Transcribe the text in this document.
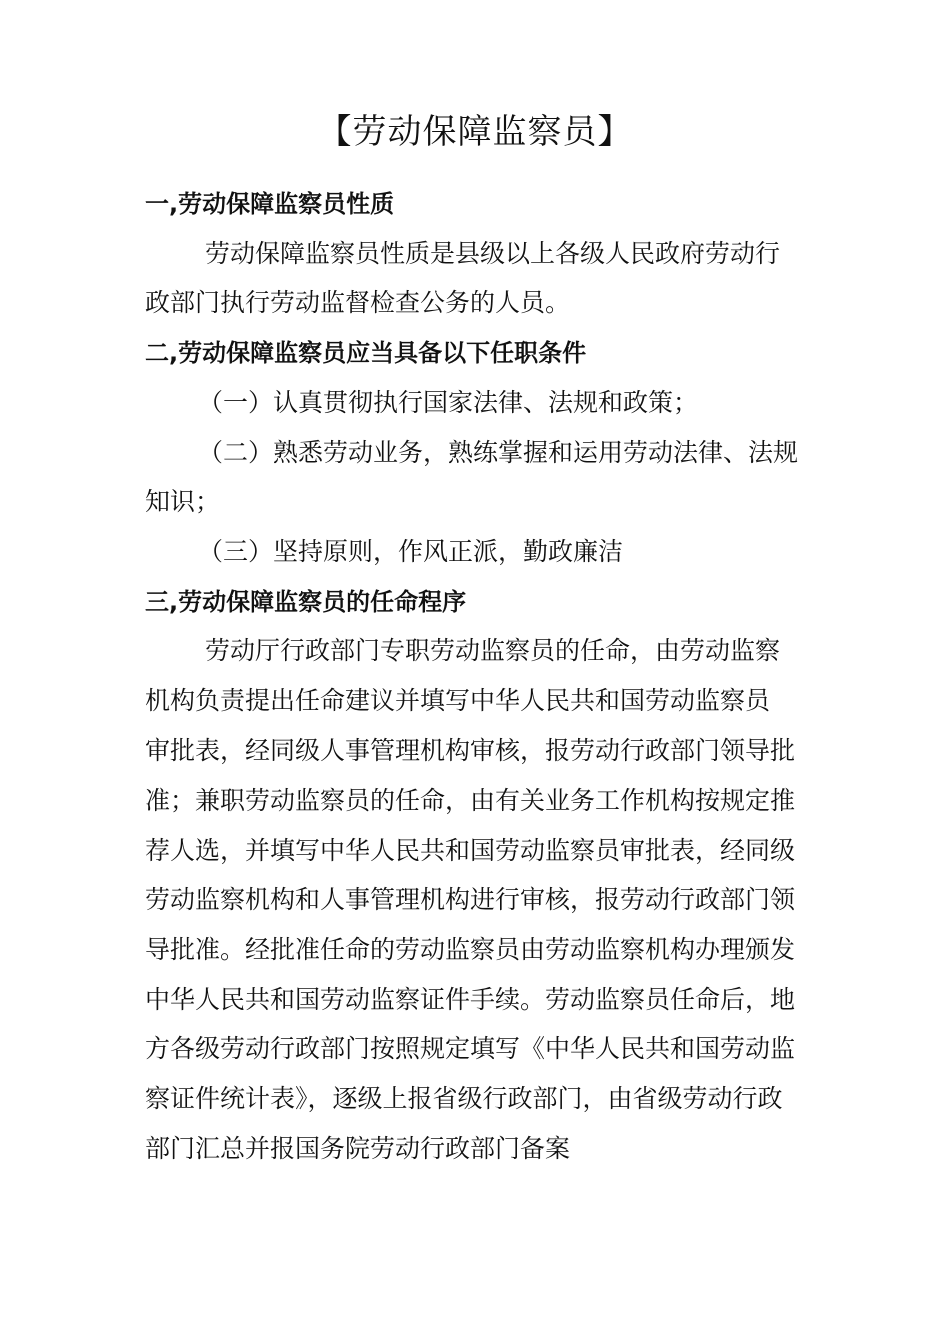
【劳动保障监察员】
一,劳动保障监察员性质
劳动保障监察员性质是县级以上各级人民政府劳动行
政部门执行劳动监督检查公务的人员。
二,劳动保障监察员应当具备以下任职条件
（一）认真贯彻执行国家法律、法规和政策；
（二）熟悉劳动业务，熟练掌握和运用劳动法律、法规
知识；
（三）坚持原则，作风正派，勤政廉洁
三,劳动保障监察员的任命程序
劳动厅行政部门专职劳动监察员的任命，由劳动监察
机构负责提出任命建议并填写中华人民共和国劳动监察员
审批表，经同级人事管理机构审核，报劳动行政部门领导批
准；兼职劳动监察员的任命，由有关业务工作机构按规定推
荐人选，并填写中华人民共和国劳动监察员审批表，经同级
劳动监察机构和人事管理机构进行审核，报劳动行政部门领
导批准。经批准任命的劳动监察员由劳动监察机构办理颁发
中华人民共和国劳动监察证件手续。劳动监察员任命后，地
方各级劳动行政部门按照规定填写《中华人民共和国劳动监
察证件统计表》，逐级上报省级行政部门，由省级劳动行政
部门汇总并报国务院劳动行政部门备案
